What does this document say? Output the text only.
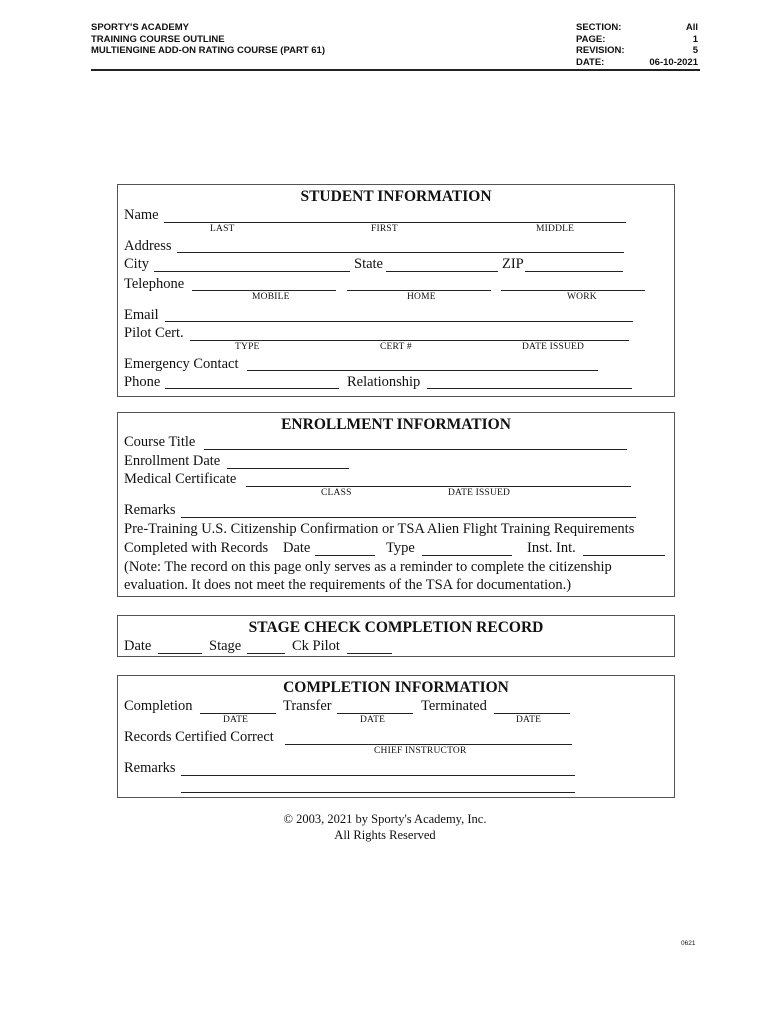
SPORTY'S ACADEMY
TRAINING COURSE OUTLINE
MULTIENGINE ADD-ON RATING COURSE (PART 61)
SECTION:	All
PAGE:	1
REVISION:	5
DATE:	06-10-2021
STUDENT INFORMATION
Name
LAST	FIRST	MIDDLE
Address
City	State	ZIP
Telephone
MOBILE	HOME	WORK
Email
Pilot Cert.
TYPE	CERT #	DATE ISSUED
Emergency Contact
Phone	Relationship
ENROLLMENT INFORMATION
Course Title
Enrollment Date
Medical Certificate
CLASS	DATE ISSUED
Remarks
Pre-Training U.S. Citizenship Confirmation or TSA Alien Flight Training Requirements
Completed with Records Date	Type	Inst. Int.
(Note: The record on this page only serves as a reminder to complete the citizenship
evaluation. It does not meet the requirements of the TSA for documentation.)
STAGE CHECK COMPLETION RECORD
Date	Stage	Ck Pilot
COMPLETION INFORMATION
Completion	Transfer	Terminated
DATE	DATE	DATE
Records Certified Correct
CHIEF INSTRUCTOR
Remarks
© 2003, 2021 by Sporty's Academy, Inc.
All Rights Reserved
0621
